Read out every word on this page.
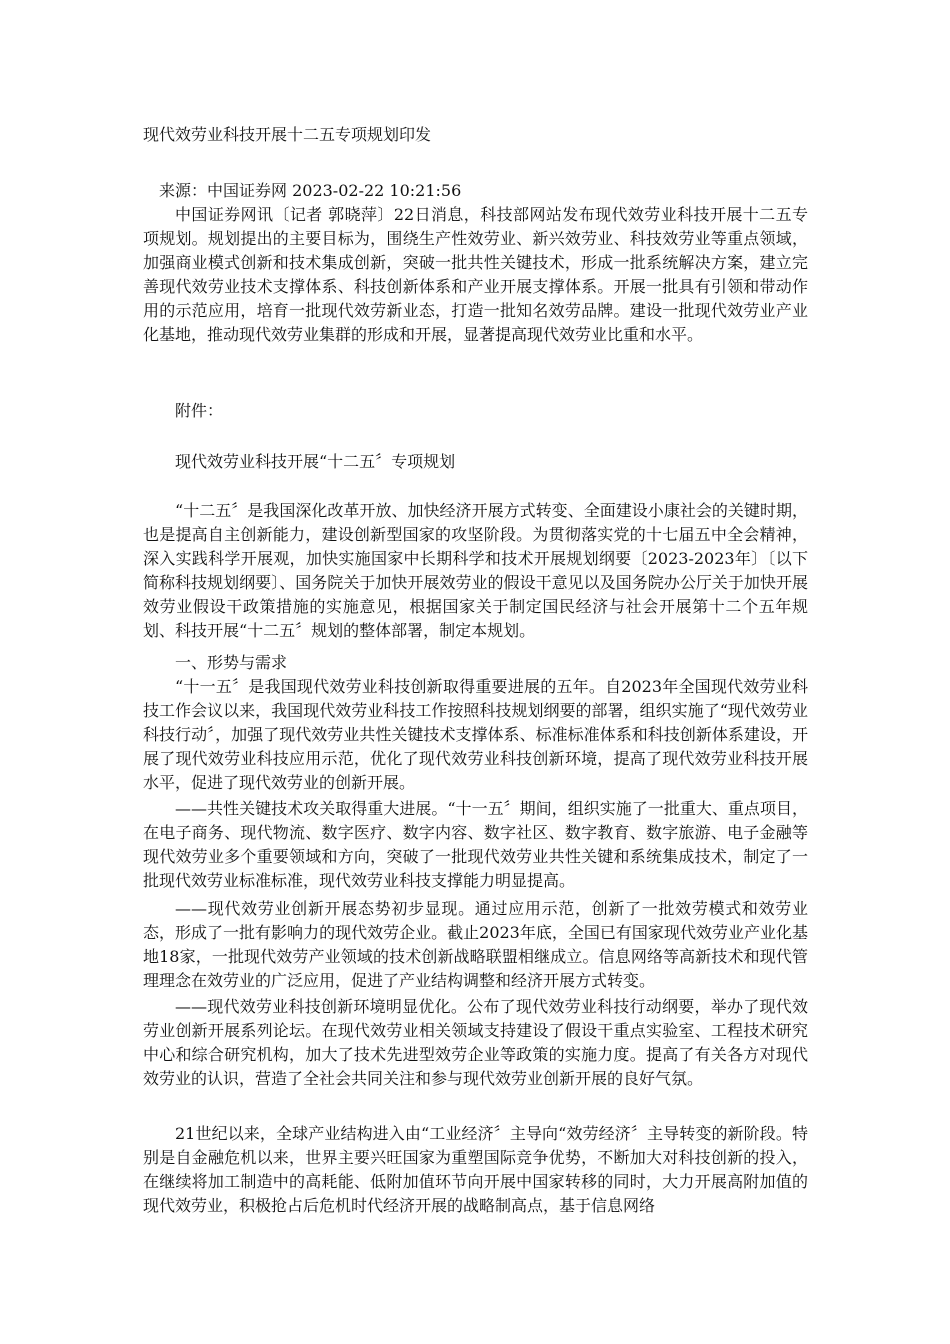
现代效劳业科技开展十二五专项规划印发

来源：中国证券网 2023-02-22 10:21:56

中国证券网讯〔记者 郭晓萍〕22日消息，科技部网站发布现代效劳业科技开展十二五专项规划。规划提出的主要目标为，围绕生产性效劳业、新兴效劳业、科技效劳业等重点领域，加强商业模式创新和技术集成创新，突破一批共性关键技术，形成一批系统解决方案，建立完善现代效劳业技术支撑体系、科技创新体系和产业开展支撑体系。开展一批具有引领和带动作用的示范应用，培育一批现代效劳新业态，打造一批知名效劳品牌。建设一批现代效劳业产业化基地，推动现代效劳业集群的形成和开展，显著提高现代效劳业比重和水平。

附件：

现代效劳业科技开展“十二五〞专项规划

“十二五〞是我国深化改革开放、加快经济开展方式转变、全面建设小康社会的关键时期，也是提高自主创新能力，建设创新型国家的攻坚阶段。为贯彻落实党的十七届五中全会精神，深入实践科学开展观，加快实施国家中长期科学和技术开展规划纲要〔2023-2023年〕〔以下简称科技规划纲要〕、国务院关于加快开展效劳业的假设干意见以及国务院办公厅关于加快开展效劳业假设干政策措施的实施意见，根据国家关于制定国民经济与社会开展第十二个五年规划、科技开展“十二五〞规划的整体部署，制定本规划。

一、形势与需求

“十一五〞是我国现代效劳业科技创新取得重要进展的五年。自2023年全国现代效劳业科技工作会议以来，我国现代效劳业科技工作按照科技规划纲要的部署，组织实施了“现代效劳业科技行动〞，加强了现代效劳业共性关键技术支撑体系、标准标准体系和科技创新体系建设，开展了现代效劳业科技应用示范，优化了现代效劳业科技创新环境，提高了现代效劳业科技开展水平，促进了现代效劳业的创新开展。

——共性关键技术攻关取得重大进展。“十一五〞期间，组织实施了一批重大、重点项目，在电子商务、现代物流、数字医疗、数字内容、数字社区、数字教育、数字旅游、电子金融等现代效劳业多个重要领域和方向，突破了一批现代效劳业共性关键和系统集成技术，制定了一批现代效劳业标准标准，现代效劳业科技支撑能力明显提高。

——现代效劳业创新开展态势初步显现。通过应用示范，创新了一批效劳模式和效劳业态，形成了一批有影响力的现代效劳企业。截止2023年底，全国已有国家现代效劳业产业化基地18家，一批现代效劳产业领域的技术创新战略联盟相继成立。信息网络等高新技术和现代管理理念在效劳业的广泛应用，促进了产业结构调整和经济开展方式转变。

——现代效劳业科技创新环境明显优化。公布了现代效劳业科技行动纲要，举办了现代效劳业创新开展系列论坛。在现代效劳业相关领域支持建设了假设干重点实验室、工程技术研究中心和综合研究机构，加大了技术先进型效劳企业等政策的实施力度。提高了有关各方对现代效劳业的认识，营造了全社会共同关注和参与现代效劳业创新开展的良好气氛。

21世纪以来，全球产业结构进入由“工业经济〞主导向“效劳经济〞主导转变的新阶段。特别是自金融危机以来，世界主要兴旺国家为重塑国际竞争优势，不断加大对科技创新的投入，在继续将加工制造中的高耗能、低附加值环节向开展中国家转移的同时，大力开展高附加值的现代效劳业，积极抢占后危机时代经济开展的战略制高点，基于信息网络
